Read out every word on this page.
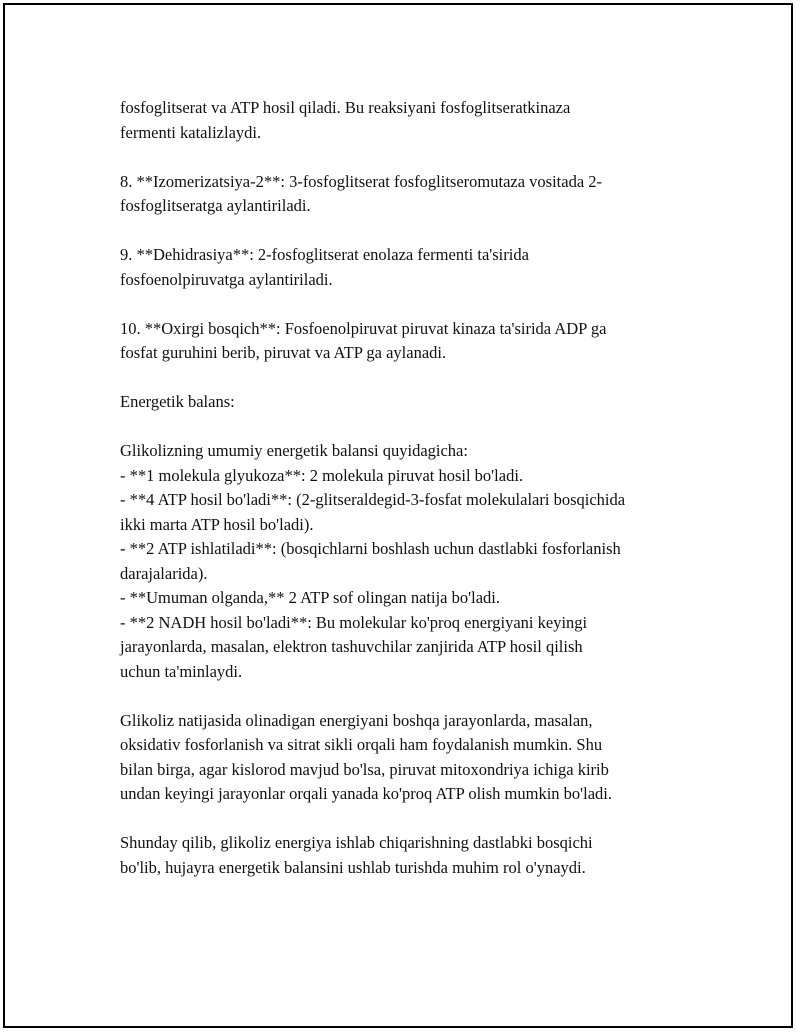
fosfoglitserat va ATP hosil qiladi. Bu reaksiyani fosfoglitseratkinaza
fermenti katalizlaydi.

8. **Izomerizatsiya-2**: 3-fosfoglitserat fosfoglitseromutaza vositada 2-
fosfoglitseratga aylantiriladi.

9. **Dehidrasiya**: 2-fosfoglitserat enolaza fermenti ta'sirida
fosfoenolpiruvatga aylantiriladi.

10. **Oxirgi bosqich**: Fosfoenolpiruvat piruvat kinaza ta'sirida ADP ga
fosfat guruhini berib, piruvat va ATP ga aylanadi.

Energetik balans:

Glikolizning umumiy energetik balansi quyidagicha:
- **1 molekula glyukoza**: 2 molekula piruvat hosil bo'ladi.
- **4 ATP hosil bo'ladi**: (2-glitseraldegid-3-fosfat molekulalari bosqichida
ikki marta ATP hosil bo'ladi).
- **2 ATP ishlatiladi**: (bosqichlarni boshlash uchun dastlabki fosforlanish
darajalarida).
- **Umuman olganda,** 2 ATP sof olingan natija bo'ladi.
- **2 NADH hosil bo'ladi**: Bu molekular ko'proq energiyani keyingi
jarayonlarda, masalan, elektron tashuvchilar zanjirida ATP hosil qilish
uchun ta'minlaydi.

Glikoliz natijasida olinadigan energiyani boshqa jarayonlarda, masalan,
oksidativ fosforlanish va sitrat sikli orqali ham foydalanish mumkin. Shu
bilan birga, agar kislorod mavjud bo'lsa, piruvat mitoxondriya ichiga kirib
undan keyingi jarayonlar orqali yanada ko'proq ATP olish mumkin bo'ladi.

Shunday qilib, glikoliz energiya ishlab chiqarishning dastlabki bosqichi
bo'lib, hujayra energetik balansini ushlab turishda muhim rol o'ynaydi.
